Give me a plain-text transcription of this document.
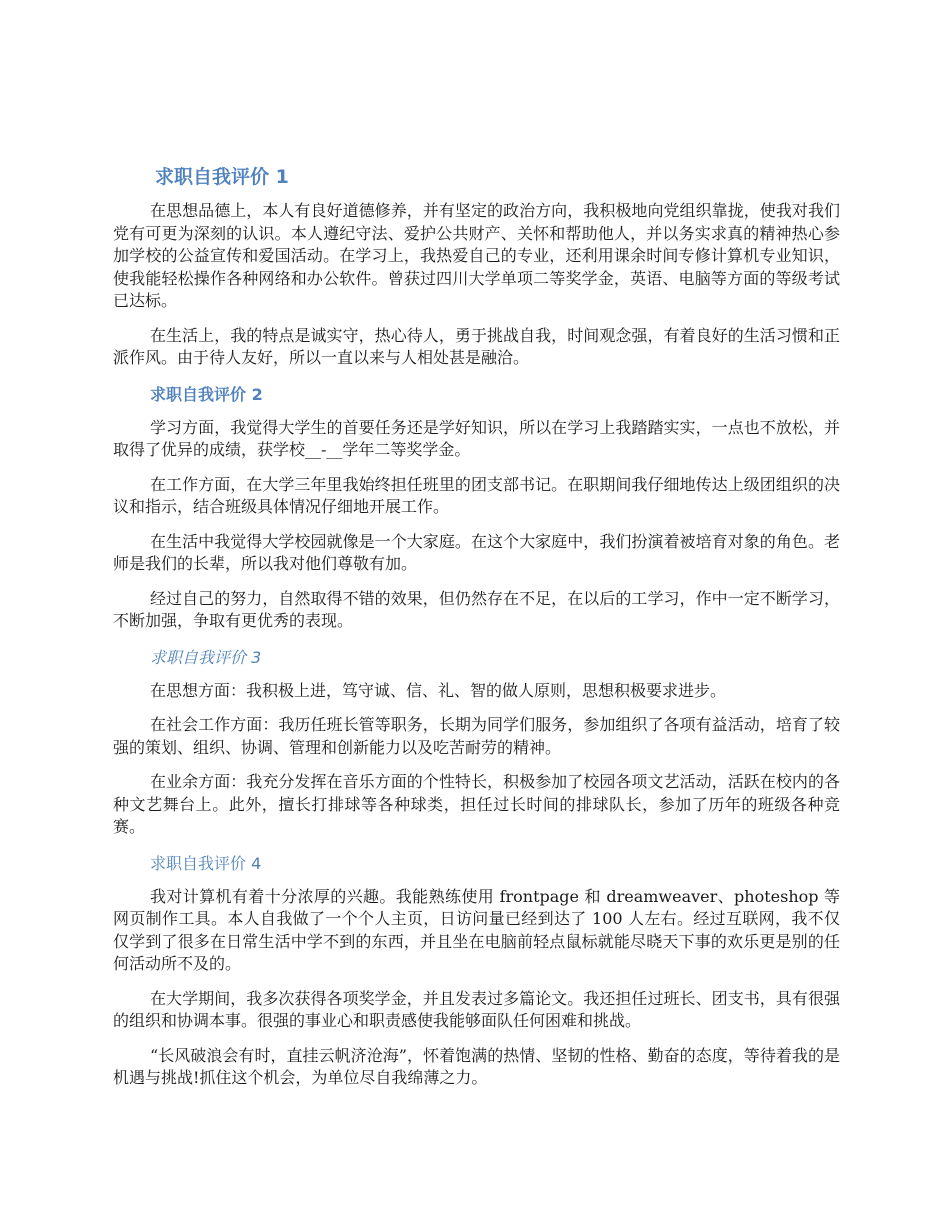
求职自我评价 1

在思想品德上，本人有良好道德修养，并有坚定的政治方向，我积极地向党组织靠拢，使我对我们党有可更为深刻的认识。本人遵纪守法、爱护公共财产、关怀和帮助他人，并以务实求真的精神热心参加学校的公益宣传和爱国活动。在学习上，我热爱自己的专业，还利用课余时间专修计算机专业知识，使我能轻松操作各种网络和办公软件。曾获过四川大学单项二等奖学金，英语、电脑等方面的等级考试已达标。

在生活上，我的特点是诚实守，热心待人，勇于挑战自我，时间观念强，有着良好的生活习惯和正派作风。由于待人友好，所以一直以来与人相处甚是融洽。

求职自我评价 2

学习方面，我觉得大学生的首要任务还是学好知识，所以在学习上我踏踏实实，一点也不放松，并取得了优异的成绩，获学校__-__学年二等奖学金。

在工作方面，在大学三年里我始终担任班里的团支部书记。在职期间我仔细地传达上级团组织的决议和指示，结合班级具体情况仔细地开展工作。

在生活中我觉得大学校园就像是一个大家庭。在这个大家庭中，我们扮演着被培育对象的角色。老师是我们的长辈，所以我对他们尊敬有加。

经过自己的努力，自然取得不错的效果，但仍然存在不足，在以后的工学习，作中一定不断学习，不断加强，争取有更优秀的表现。

求职自我评价 3

在思想方面：我积极上进，笃守诚、信、礼、智的做人原则，思想积极要求进步。

在社会工作方面：我历任班长管等职务，长期为同学们服务，参加组织了各项有益活动，培育了较强的策划、组织、协调、管理和创新能力以及吃苦耐劳的精神。

在业余方面：我充分发挥在音乐方面的个性特长，积极参加了校园各项文艺活动，活跃在校内的各种文艺舞台上。此外，擅长打排球等各种球类，担任过长时间的排球队长，参加了历年的班级各种竞赛。

求职自我评价 4

我对计算机有着十分浓厚的兴趣。我能熟练使用 frontpage 和 dreamweaver、photeshop 等网页制作工具。本人自我做了一个个人主页，日访问量已经到达了 100 人左右。经过互联网，我不仅仅学到了很多在日常生活中学不到的东西，并且坐在电脑前轻点鼠标就能尽晓天下事的欢乐更是别的任何活动所不及的。

在大学期间，我多次获得各项奖学金，并且发表过多篇论文。我还担任过班长、团支书，具有很强的组织和协调本事。很强的事业心和职责感使我能够面队任何困难和挑战。

“长风破浪会有时，直挂云帆济沧海”，怀着饱满的热情、坚韧的性格、勤奋的态度，等待着我的是机遇与挑战!抓住这个机会，为单位尽自我绵薄之力。
